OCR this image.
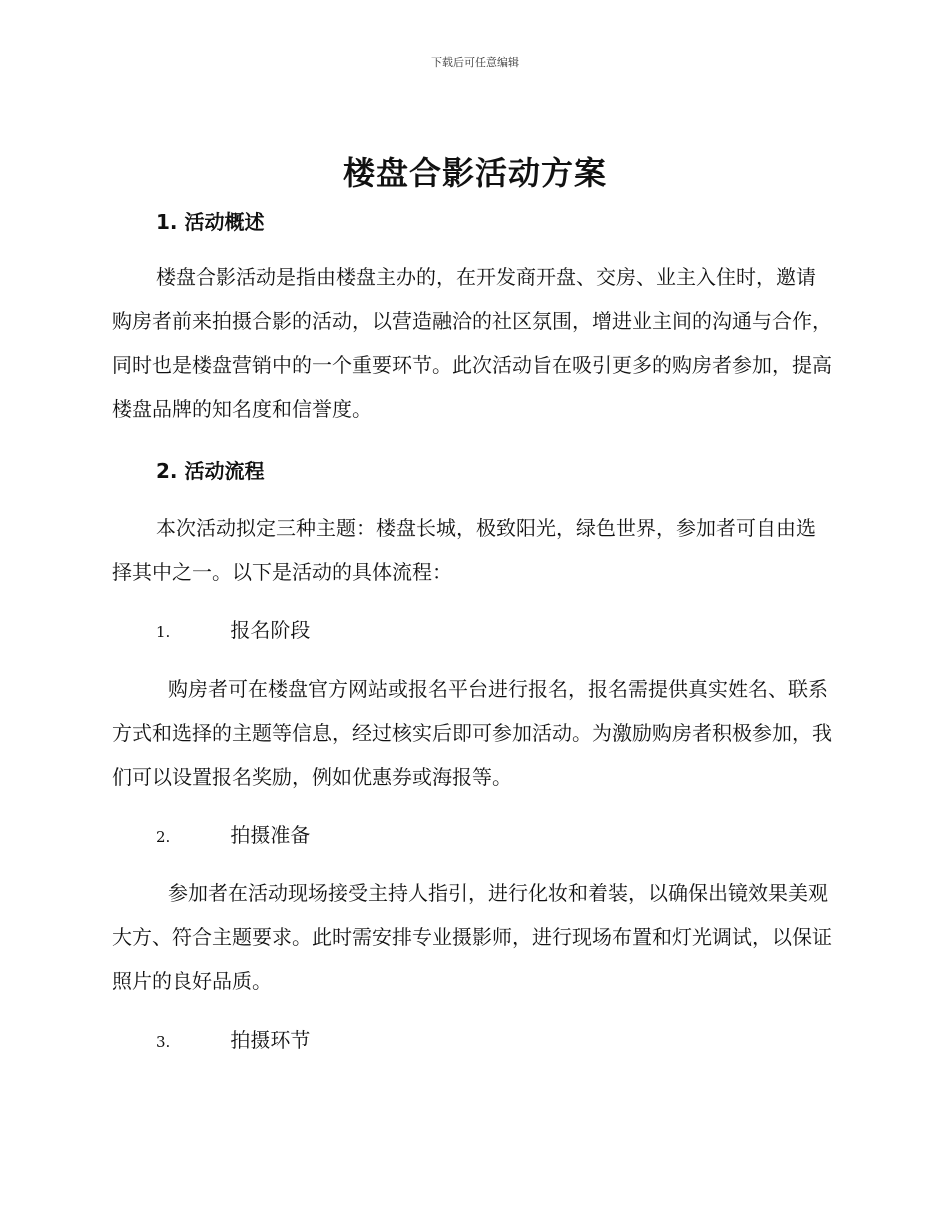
下载后可任意编辑
楼盘合影活动方案
1. 活动概述

楼盘合影活动是指由楼盘主办的，在开发商开盘、交房、业主入住时，邀请购房者前来拍摄合影的活动，以营造融洽的社区氛围，增进业主间的沟通与合作，同时也是楼盘营销中的一个重要环节。此次活动旨在吸引更多的购房者参加，提高楼盘品牌的知名度和信誉度。

2. 活动流程

本次活动拟定三种主题：楼盘长城，极致阳光，绿色世界，参加者可自由选择其中之一。以下是活动的具体流程：

1.	报名阶段

购房者可在楼盘官方网站或报名平台进行报名，报名需提供真实姓名、联系方式和选择的主题等信息，经过核实后即可参加活动。为激励购房者积极参加，我们可以设置报名奖励，例如优惠券或海报等。

2.	拍摄准备

参加者在活动现场接受主持人指引，进行化妆和着装，以确保出镜效果美观大方、符合主题要求。此时需安排专业摄影师，进行现场布置和灯光调试，以保证照片的良好品质。

3.	拍摄环节
